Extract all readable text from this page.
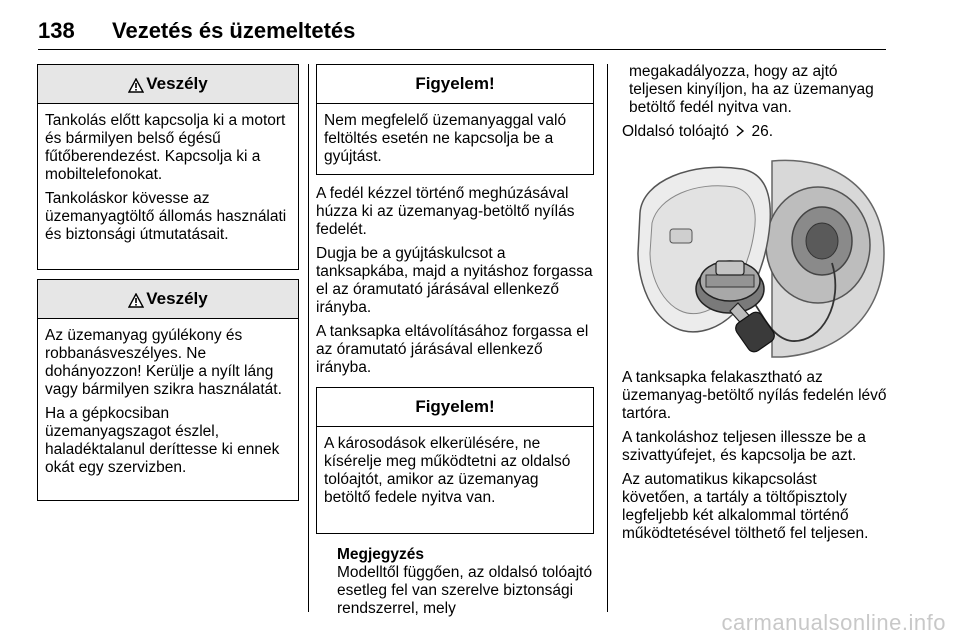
138 Vezetés és üzemeltetés
Veszély

Tankolás előtt kapcsolja ki a motort és bármilyen belső égésű fűtőberendezést. Kapcsolja ki a mobiltelefonokat.

Tankoláskor kövesse az üzemanyagtöltő állomás használati és biztonsági útmutatásait.

Veszély

Az üzemanyag gyúlékony és robbanásveszélyes. Ne dohányozzon! Kerülje a nyílt láng vagy bármilyen szikra használatát.

Ha a gépkocsiban üzemanyagszagot észlel, haladéktalanul deríttesse ki ennek okát egy szervizben.

Figyelem!

Nem megfelelő üzemanyaggal való feltöltés esetén ne kapcsolja be a gyújtást.

A fedél kézzel történő meghúzásával húzza ki az üzemanyag-betöltő nyílás fedelét.

Dugja be a gyújtáskulcsot a tanksapkába, majd a nyitáshoz forgassa el az óramutató járásával ellenkező irányba.

A tanksapka eltávolításához forgassa el az óramutató járásával ellenkező irányba.

Figyelem!

A károsodások elkerülésére, ne kísérelje meg működtetni az oldalsó tolóajtót, amikor az üzemanyag betöltő fedele nyitva van.

Megjegyzés
Modelltől függően, az oldalsó tolóajtó esetleg fel van szerelve biztonsági rendszerrel, mely
megakadályozza, hogy az ajtó teljesen kinyíljon, ha az üzemanyag betöltő fedél nyitva van.
Oldalsó tolóajtó 26.

A tanksapka felakasztható az üzemanyag-betöltő nyílás fedelén lévő tartóra.

A tankoláshoz teljesen illessze be a szivattyúfejet, és kapcsolja be azt.

Az automatikus kikapcsolást követően, a tartály a töltőpisztoly legfeljebb két alkalommal történő működtetésével tölthető fel teljesen.

carmanualsonline.info
